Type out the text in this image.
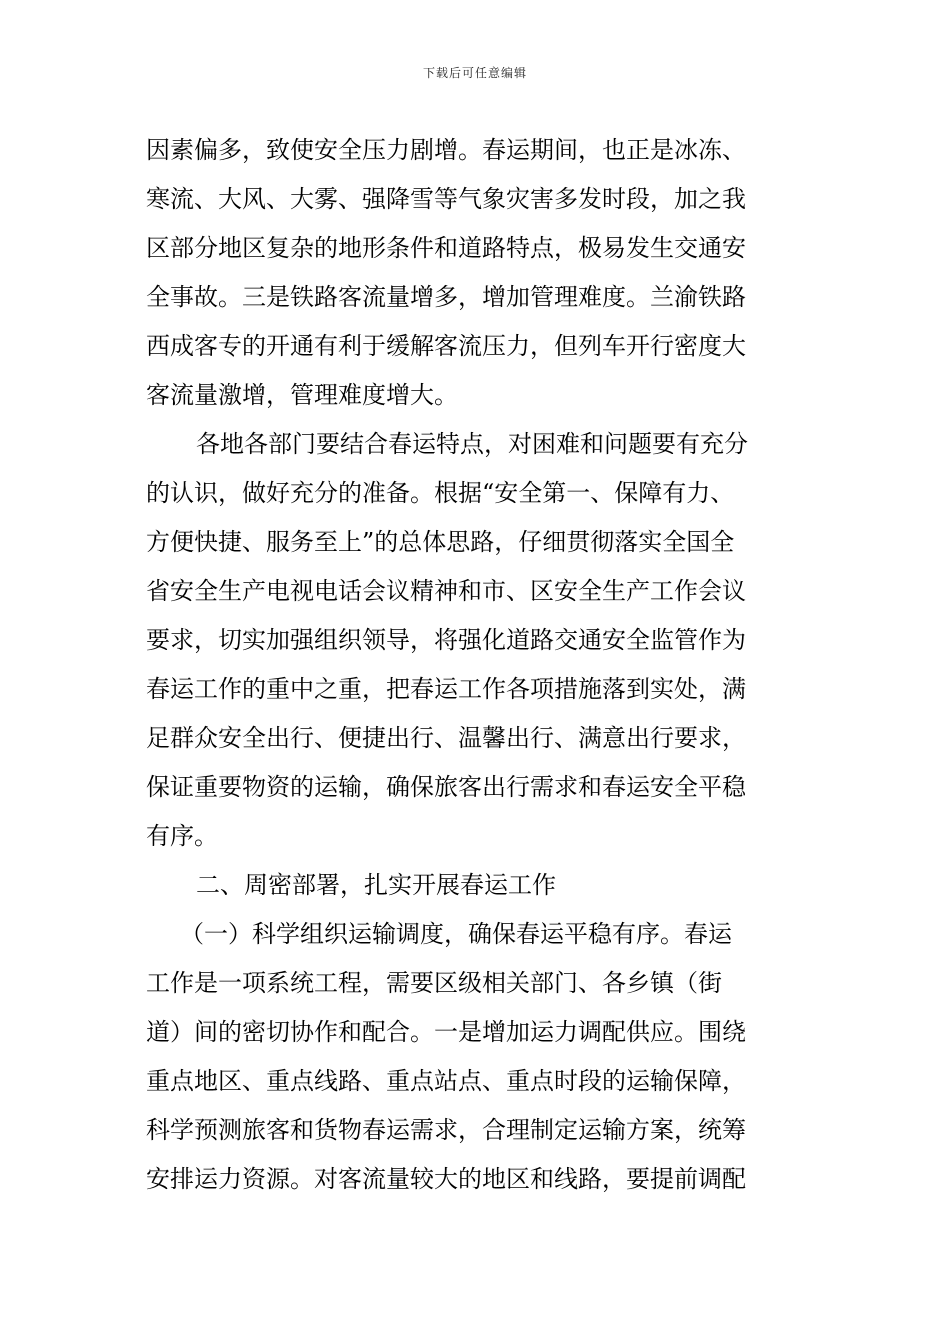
下载后可任意编辑
因素偏多，致使安全压力剧增。春运期间，也正是冰冻、
寒流、大风、大雾、强降雪等气象灾害多发时段，加之我
区部分地区复杂的地形条件和道路特点，极易发生交通安
全事故。三是铁路客流量增多，增加管理难度。兰渝铁路
西成客专的开通有利于缓解客流压力，但列车开行密度大
客流量激增，管理难度增大。
各地各部门要结合春运特点，对困难和问题要有充分
的认识，做好充分的准备。根据“安全第一、保障有力、
方便快捷、服务至上”的总体思路，仔细贯彻落实全国全
省安全生产电视电话会议精神和市、区安全生产工作会议
要求，切实加强组织领导，将强化道路交通安全监管作为
春运工作的重中之重，把春运工作各项措施落到实处，满
足群众安全出行、便捷出行、温馨出行、满意出行要求，
保证重要物资的运输，确保旅客出行需求和春运安全平稳
有序。
二、周密部署，扎实开展春运工作
（一）科学组织运输调度，确保春运平稳有序。春运
工作是一项系统工程，需要区级相关部门、各乡镇（街
道）间的密切协作和配合。一是增加运力调配供应。围绕
重点地区、重点线路、重点站点、重点时段的运输保障，
科学预测旅客和货物春运需求，合理制定运输方案，统筹
安排运力资源。对客流量较大的地区和线路，要提前调配
